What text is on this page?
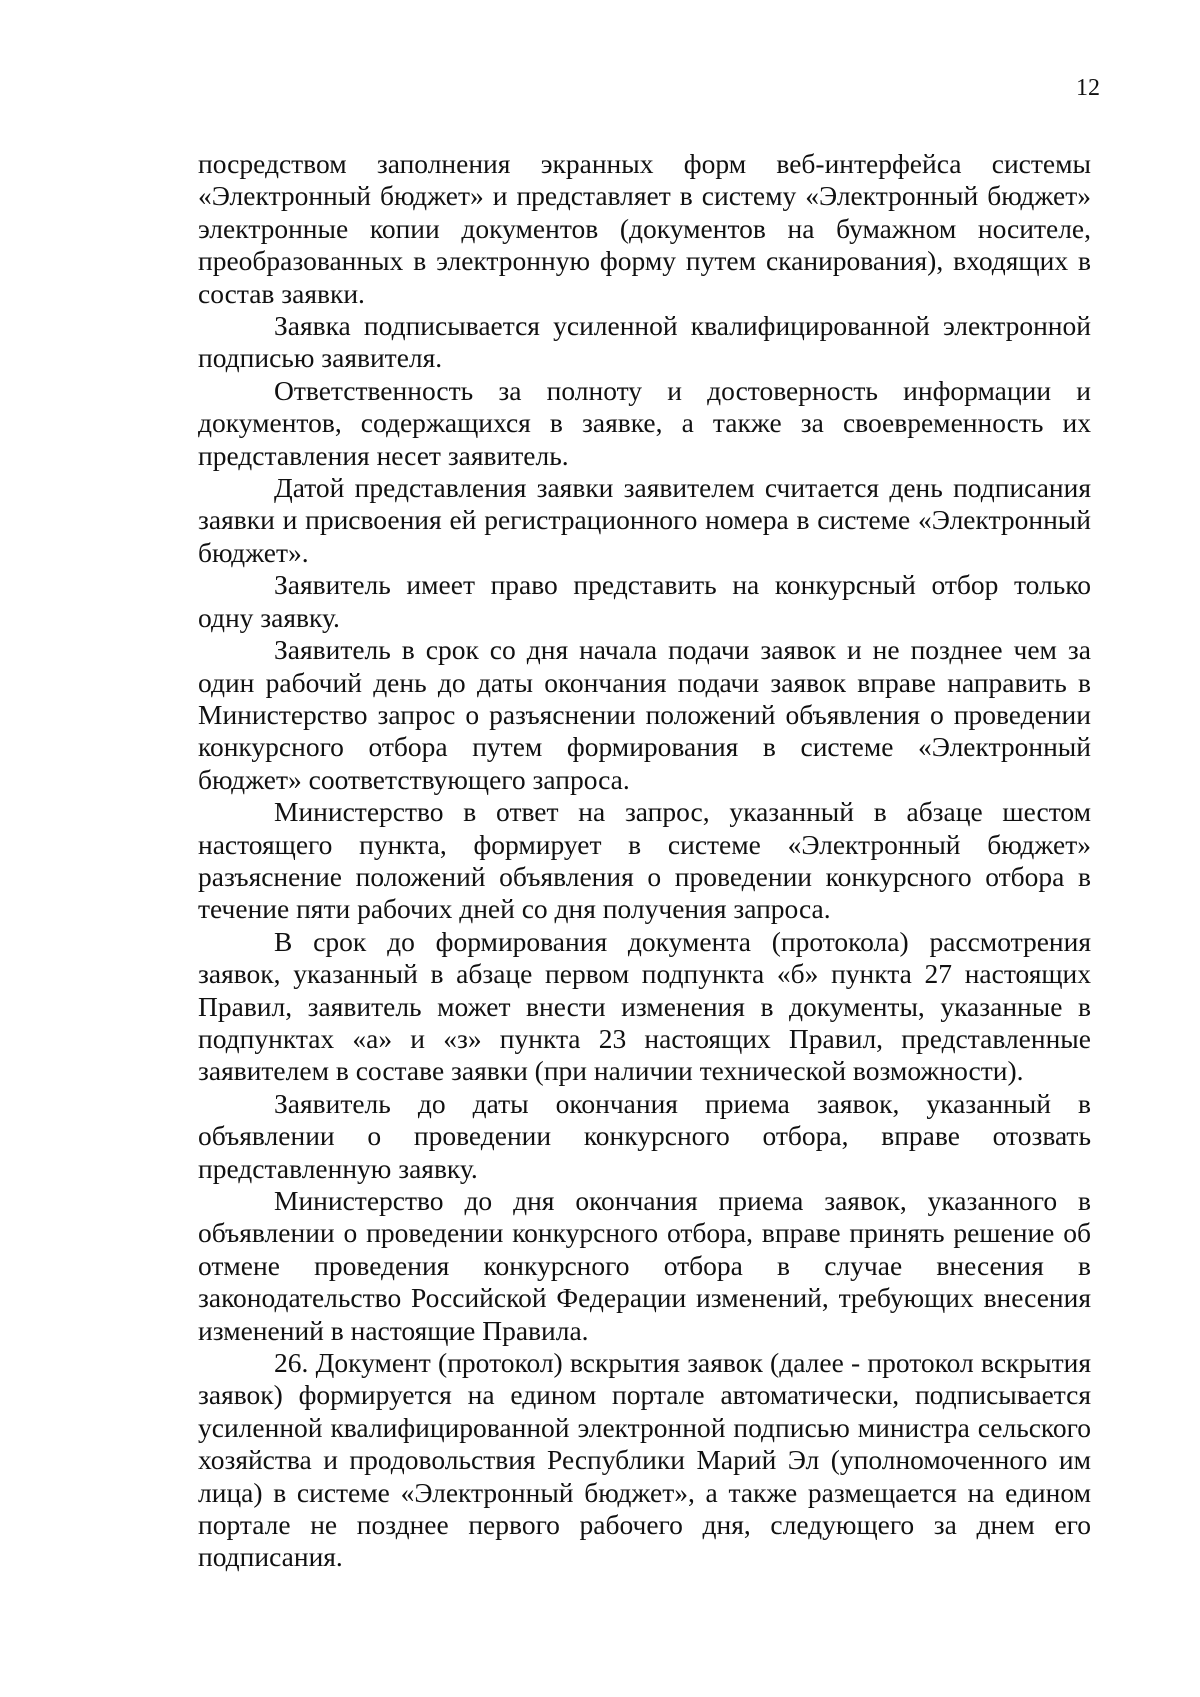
12

посредством заполнения экранных форм веб-интерфейса системы «Электронный бюджет» и представляет в систему «Электронный бюджет» электронные копии документов (документов на бумажном носителе, преобразованных в электронную форму путем сканирования), входящих в состав заявки.

Заявка подписывается усиленной квалифицированной электронной подписью заявителя.

Ответственность за полноту и достоверность информации и документов, содержащихся в заявке, а также за своевременность их представления несет заявитель.

Датой представления заявки заявителем считается день подписания заявки и присвоения ей регистрационного номера в системе «Электронный бюджет».

Заявитель имеет право представить на конкурсный отбор только одну заявку.

Заявитель в срок со дня начала подачи заявок и не позднее чем за один рабочий день до даты окончания подачи заявок вправе направить в Министерство запрос о разъяснении положений объявления о проведении конкурсного отбора путем формирования в системе «Электронный бюджет» соответствующего запроса.

Министерство в ответ на запрос, указанный в абзаце шестом настоящего пункта, формирует в системе «Электронный бюджет» разъяснение положений объявления о проведении конкурсного отбора в течение пяти рабочих дней со дня получения запроса.

В срок до формирования документа (протокола) рассмотрения заявок, указанный в абзаце первом подпункта «б» пункта 27 настоящих Правил, заявитель может внести изменения в документы, указанные в подпунктах «а» и «з» пункта 23 настоящих Правил, представленные заявителем в составе заявки (при наличии технической возможности).

Заявитель до даты окончания приема заявок, указанный в объявлении о проведении конкурсного отбора, вправе отозвать представленную заявку.

Министерство до дня окончания приема заявок, указанного в объявлении о проведении конкурсного отбора, вправе принять решение об отмене проведения конкурсного отбора в случае внесения в законодательство Российской Федерации изменений, требующих внесения изменений в настоящие Правила.

26. Документ (протокол) вскрытия заявок (далее - протокол вскрытия заявок) формируется на едином портале автоматически, подписывается усиленной квалифицированной электронной подписью министра сельского хозяйства и продовольствия Республики Марий Эл (уполномоченного им лица) в системе «Электронный бюджет», а также размещается на едином портале не позднее первого рабочего дня, следующего за днем его подписания.
